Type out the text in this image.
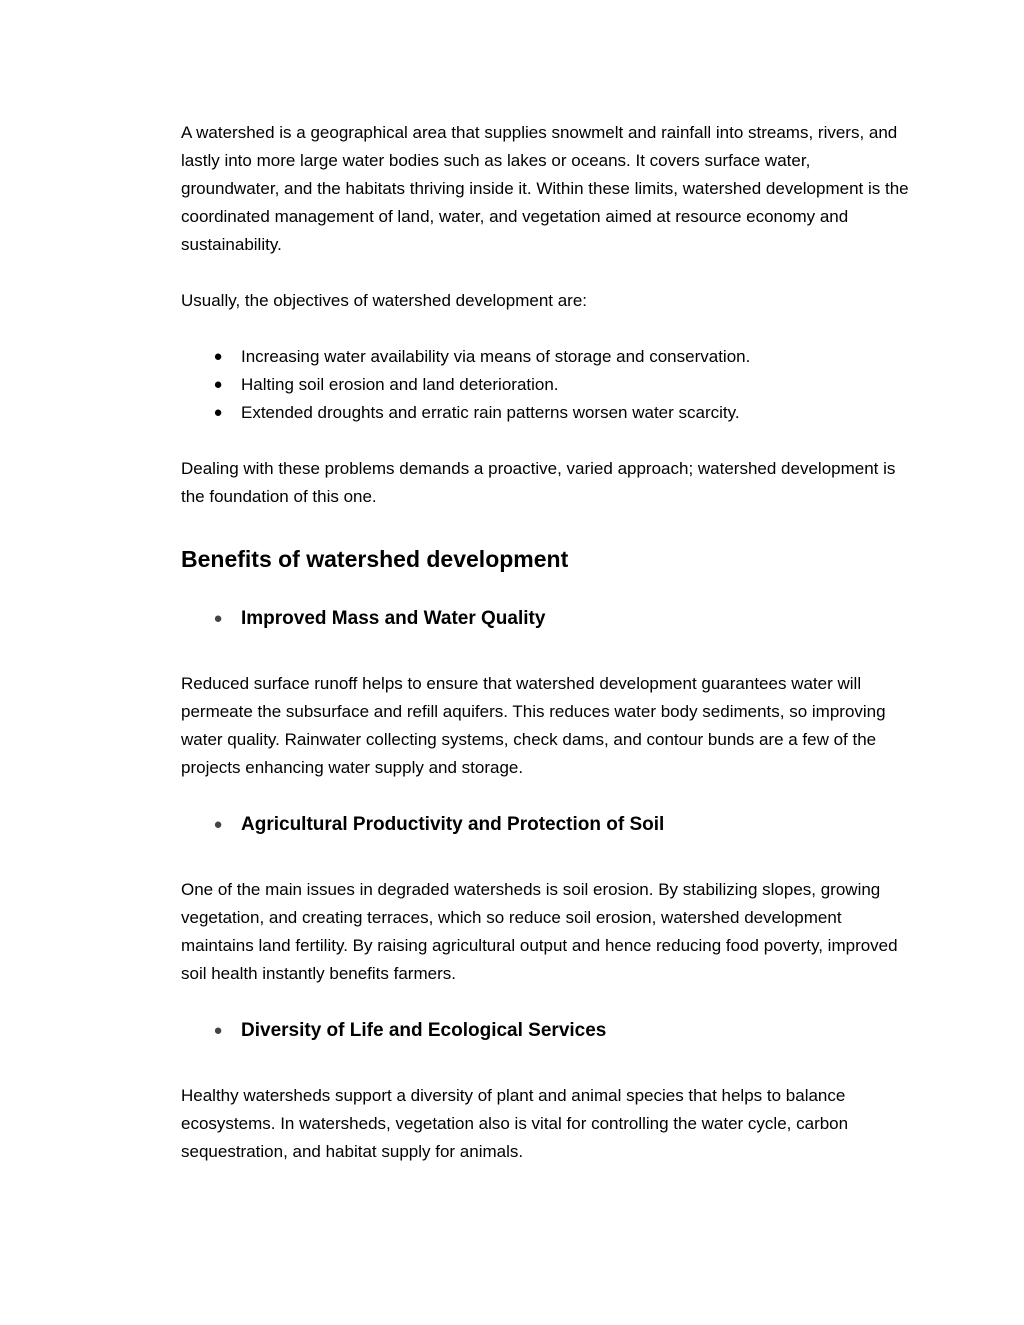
A watershed is a geographical area that supplies snowmelt and rainfall into streams, rivers, and lastly into more large water bodies such as lakes or oceans. It covers surface water, groundwater, and the habitats thriving inside it. Within these limits, watershed development is the coordinated management of land, water, and vegetation aimed at resource economy and sustainability.

Usually, the objectives of watershed development are:

● Increasing water availability via means of storage and conservation.
● Halting soil erosion and land deterioration.
● Extended droughts and erratic rain patterns worsen water scarcity.

Dealing with these problems demands a proactive, varied approach; watershed development is the foundation of this one.

Benefits of watershed development
● Improved Mass and Water Quality

Reduced surface runoff helps to ensure that watershed development guarantees water will permeate the subsurface and refill aquifers. This reduces water body sediments, so improving water quality. Rainwater collecting systems, check dams, and contour bunds are a few of the projects enhancing water supply and storage.

● Agricultural Productivity and Protection of Soil

One of the main issues in degraded watersheds is soil erosion. By stabilizing slopes, growing vegetation, and creating terraces, which so reduce soil erosion, watershed development maintains land fertility. By raising agricultural output and hence reducing food poverty, improved soil health instantly benefits farmers.

● Diversity of Life and Ecological Services

Healthy watersheds support a diversity of plant and animal species that helps to balance ecosystems. In watersheds, vegetation also is vital for controlling the water cycle, carbon sequestration, and habitat supply for animals.
